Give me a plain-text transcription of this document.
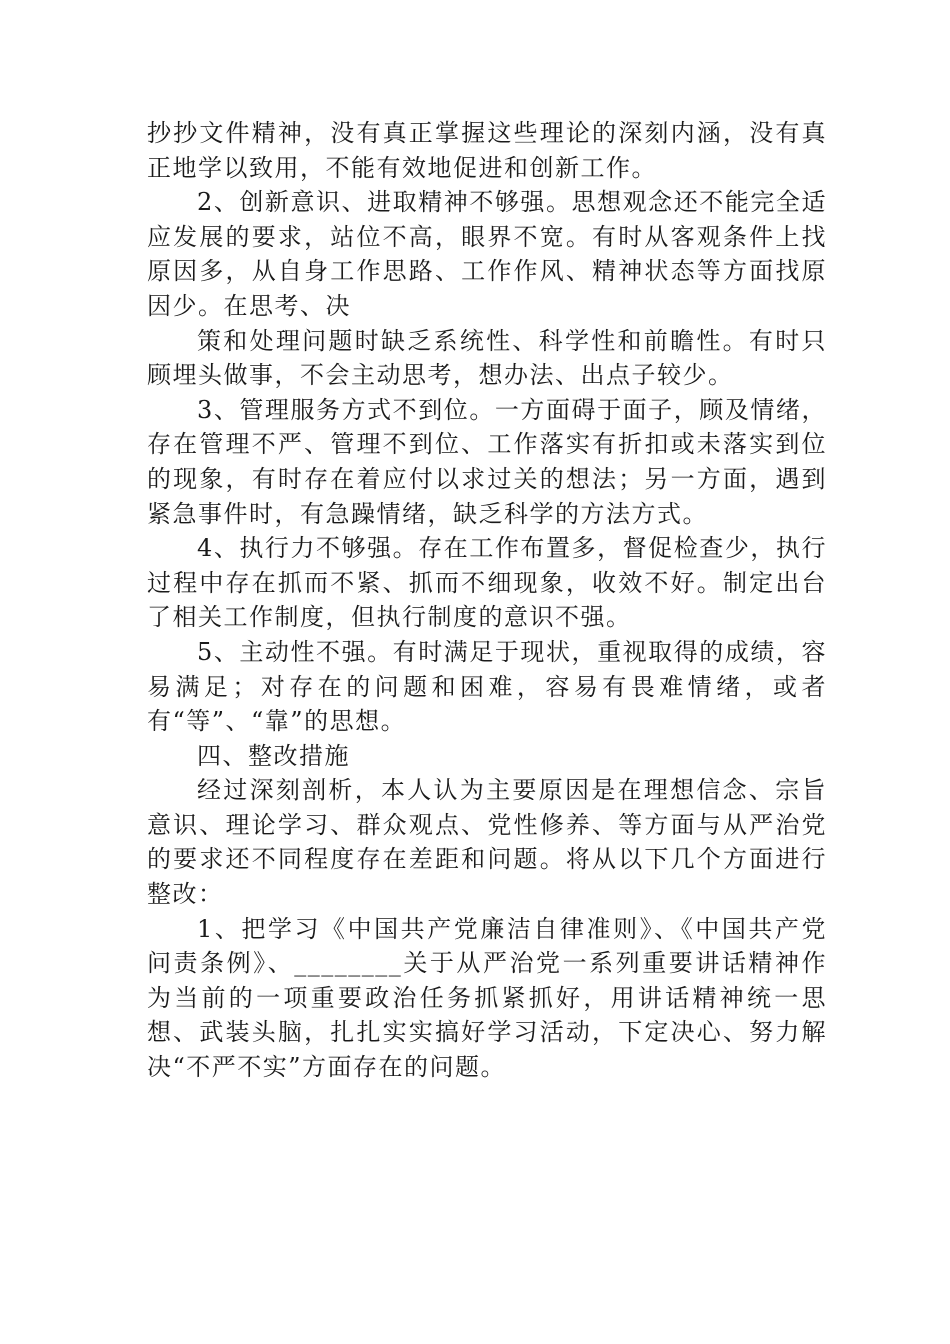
抄抄文件精神，没有真正掌握这些理论的深刻内涵，没有真正地学以致用，不能有效地促进和创新工作。

2、创新意识、进取精神不够强。思想观念还不能完全适应发展的要求，站位不高，眼界不宽。有时从客观条件上找原因多，从自身工作思路、工作作风、精神状态等方面找原因少。在思考、决

策和处理问题时缺乏系统性、科学性和前瞻性。有时只顾埋头做事，不会主动思考，想办法、出点子较少。

3、管理服务方式不到位。一方面碍于面子，顾及情绪，存在管理不严、管理不到位、工作落实有折扣或未落实到位的现象，有时存在着应付以求过关的想法；另一方面，遇到紧急事件时，有急躁情绪，缺乏科学的方法方式。

4、执行力不够强。存在工作布置多，督促检查少，执行过程中存在抓而不紧、抓而不细现象，收效不好。制定出台了相关工作制度，但执行制度的意识不强。

5、主动性不强。有时满足于现状，重视取得的成绩，容易满足；对存在的问题和困难，容易有畏难情绪，或者有“等”、“靠”的思想。

四、整改措施

经过深刻剖析，本人认为主要原因是在理想信念、宗旨意识、理论学习、群众观点、党性修养、等方面与从严治党的要求还不同程度存在差距和问题。将从以下几个方面进行整改：

1、把学习《中国共产党廉洁自律准则》、《中国共产党问责条例》、________关于从严治党一系列重要讲话精神作为当前的一项重要政治任务抓紧抓好，用讲话精神统一思想、武装头脑，扎扎实实搞好学习活动，下定决心、努力解决“不严不实”方面存在的问题。
